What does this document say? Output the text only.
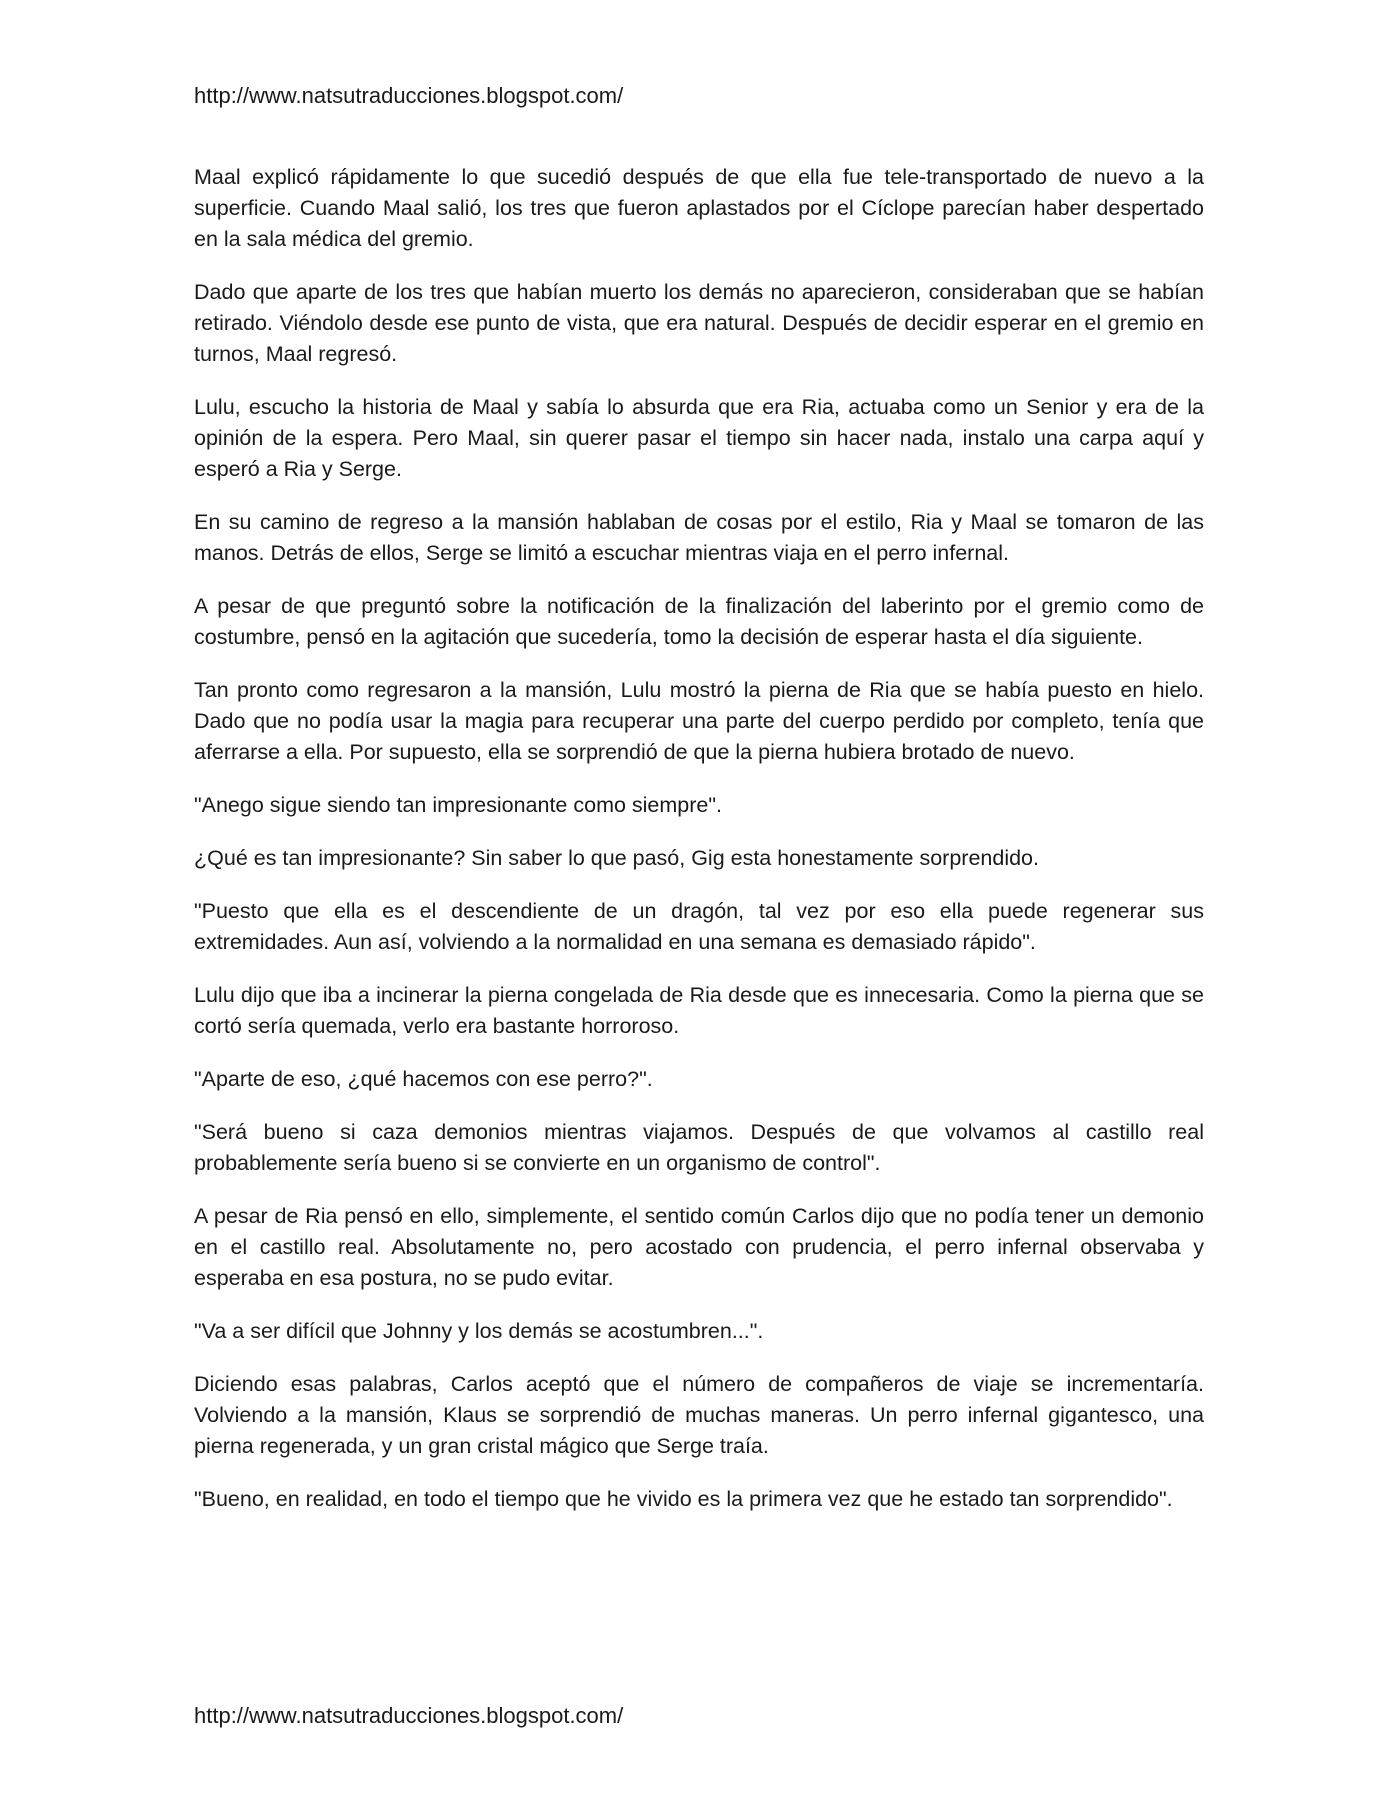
http://www.natsutraducciones.blogspot.com/

Maal explicó rápidamente lo que sucedió después de que ella fue tele-transportado de nuevo a la superficie. Cuando Maal salió, los tres que fueron aplastados por el Cíclope parecían haber despertado en la sala médica del gremio.

Dado que aparte de los tres que habían muerto los demás no aparecieron, consideraban que se habían retirado. Viéndolo desde ese punto de vista, que era natural. Después de decidir esperar en el gremio en turnos, Maal regresó.

Lulu, escucho la historia de Maal y sabía lo absurda que era Ria, actuaba como un Senior y era de la opinión de la espera. Pero Maal, sin querer pasar el tiempo sin hacer nada, instalo una carpa aquí y esperó a Ria y Serge.

En su camino de regreso a la mansión hablaban de cosas por el estilo, Ria y Maal se tomaron de las manos. Detrás de ellos, Serge se limitó a escuchar mientras viaja en el perro infernal.

A pesar de que preguntó sobre la notificación de la finalización del laberinto por el gremio como de costumbre, pensó en la agitación que sucedería, tomo la decisión de esperar hasta el día siguiente.

Tan pronto como regresaron a la mansión, Lulu mostró la pierna de Ria que se había puesto en hielo. Dado que no podía usar la magia para recuperar una parte del cuerpo perdido por completo, tenía que aferrarse a ella. Por supuesto, ella se sorprendió de que la pierna hubiera brotado de nuevo.

"Anego sigue siendo tan impresionante como siempre".

¿Qué es tan impresionante? Sin saber lo que pasó, Gig esta honestamente sorprendido.

"Puesto que ella es el descendiente de un dragón, tal vez por eso ella puede regenerar sus extremidades. Aun así, volviendo a la normalidad en una semana es demasiado rápido".

Lulu dijo que iba a incinerar la pierna congelada de Ria desde que es innecesaria. Como la pierna que se cortó sería quemada, verlo era bastante horroroso.

"Aparte de eso, ¿qué hacemos con ese perro?".

"Será bueno si caza demonios mientras viajamos. Después de que volvamos al castillo real probablemente sería bueno si se convierte en un organismo de control".

A pesar de Ria pensó en ello, simplemente, el sentido común Carlos dijo que no podía tener un demonio en el castillo real. Absolutamente no, pero acostado con prudencia, el perro infernal observaba y esperaba en esa postura, no se pudo evitar.

"Va a ser difícil que Johnny y los demás se acostumbren...".

Diciendo esas palabras, Carlos aceptó que el número de compañeros de viaje se incrementaría. Volviendo a la mansión, Klaus se sorprendió de muchas maneras. Un perro infernal gigantesco, una pierna regenerada, y un gran cristal mágico que Serge traía.

"Bueno, en realidad, en todo el tiempo que he vivido es la primera vez que he estado tan sorprendido".

http://www.natsutraducciones.blogspot.com/
